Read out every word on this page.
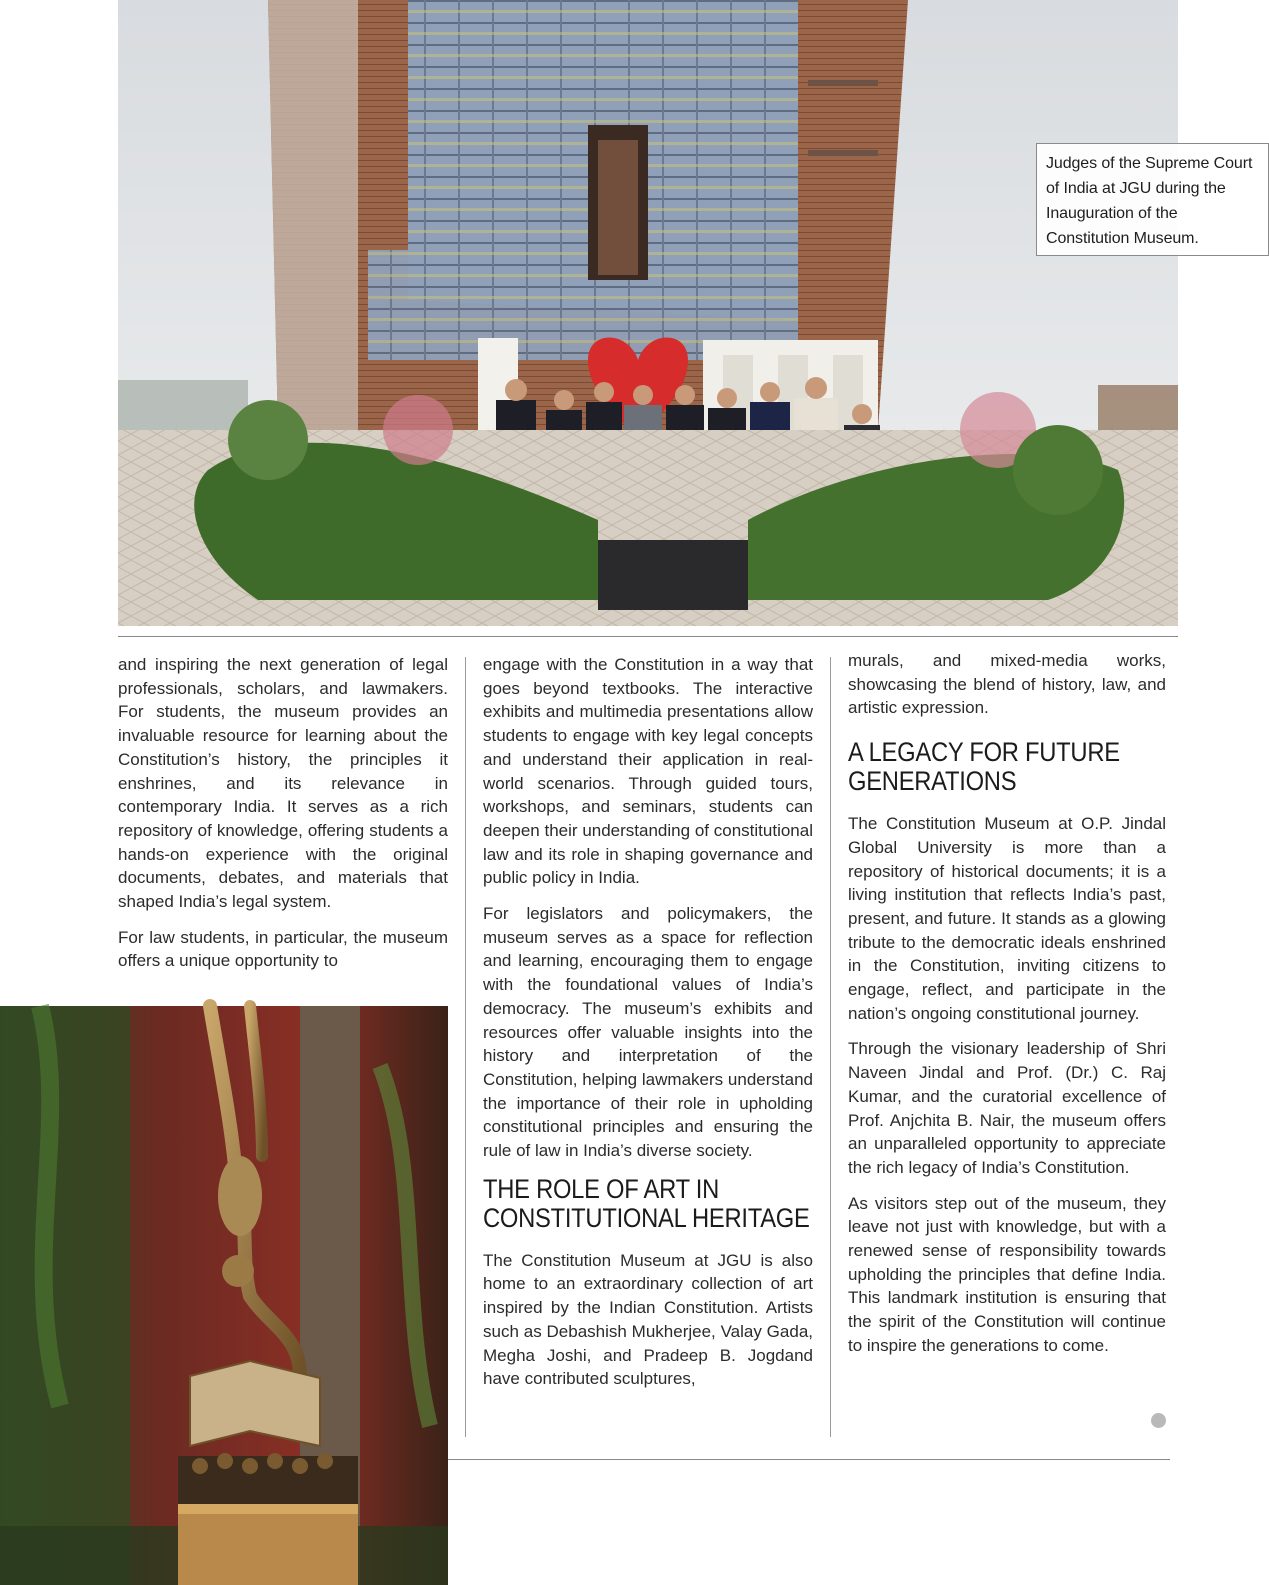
Judges of the Supreme Court

of India at JGU during the

Inauguration of the

Constitution Museum.

and inspiring the next generation of legal professionals, scholars, and lawmakers. For students, the museum provides an invaluable resource for learning about the Constitution’s history, the principles it enshrines, and its relevance in contemporary India. It serves as a rich repository of knowledge, offering students a hands-on experience with the original documents, debates, and materials that shaped India’s legal system.

For law students, in particular, the museum offers a unique opportunity to

engage with the Constitution in a way that goes beyond textbooks. The interactive exhibits and multimedia presentations allow students to engage with key legal concepts and understand their application in real-world scenarios. Through guided tours, workshops, and seminars, students can deepen their understanding of constitutional law and its role in shaping governance and public policy in India.

For legislators and policymakers, the museum serves as a space for reflection and learning, encouraging them to engage with the foundational values of India’s democracy. The museum’s exhibits and resources offer valuable insights into the history and interpretation of the Constitution, helping lawmakers understand the importance of their role in upholding constitutional principles and ensuring the rule of law in India’s diverse society.

THE ROLE OF ART IN CONSTITUTIONAL HERITAGE

The Constitution Museum at JGU is also home to an extraordinary collection of art inspired by the Indian Constitution. Artists such as Debashish Mukherjee, Valay Gada, Megha Joshi, and Pradeep B. Jogdand have contributed sculptures,

murals, and mixed-media works, showcasing the blend of history, law, and artistic expression.

A LEGACY FOR FUTURE GENERATIONS

The Constitution Museum at O.P. Jindal Global University is more than a repository of historical documents; it is a living institution that reflects India’s past, present, and future. It stands as a glowing tribute to the democratic ideals enshrined in the Constitution, inviting citizens to engage, reflect, and participate in the nation’s ongoing constitutional journey.

Through the visionary leadership of Shri Naveen Jindal and Prof. (Dr.) C. Raj Kumar, and the curatorial excellence of Prof. Anjchita B. Nair, the museum offers an unparalleled opportunity to appreciate the rich legacy of India’s Constitution.

As visitors step out of the museum, they leave not just with knowledge, but with a renewed sense of responsibility towards upholding the principles that define India. This landmark institution is ensuring that the spirit of the Constitution will continue to inspire the generations to come.
